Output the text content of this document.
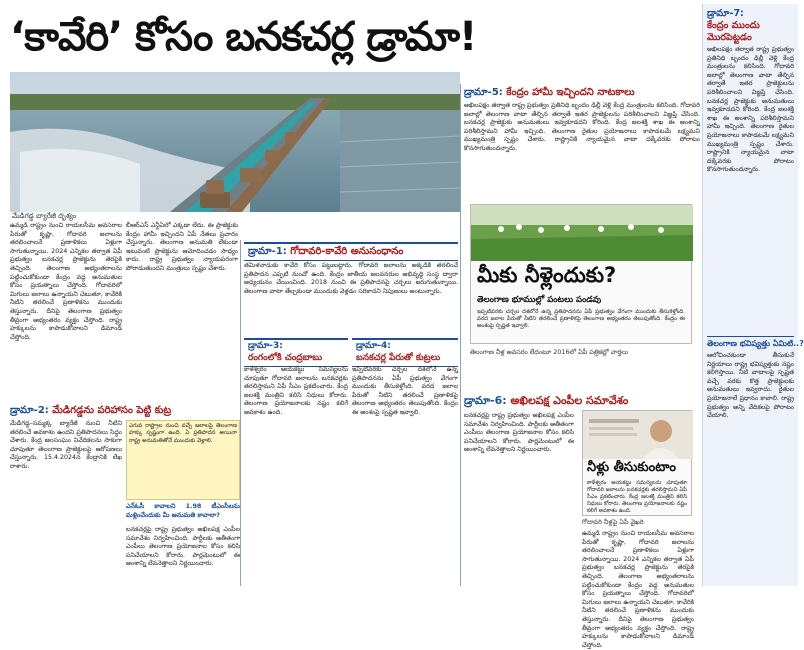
‘కావేరి’ కోసం బనకచర్ల డ్రామా!
మేడిగడ్డ బ్యారేజీ దృశ్యం
ఉమ్మడి రాష్ట్రం నుంచి రాయలసీమ అవసరాల పేరుతో కృష్ణా, గోదావరి జలాలను తరలించాలనే ప్రణాళికలు ఏళ్లుగా సాగుతున్నాయి. 2024 ఎన్నికల తర్వాత ఏపీ ప్రభుత్వం బనకచర్ల ప్రాజెక్టును తెరపైకి తెచ్చింది. తెలంగాణ అభ్యంతరాలను పట్టించుకోకుండా కేంద్రం వద్ద అనుమతుల కోసం ప్రయత్నాలు చేస్తోంది. గోదావరిలో మిగులు జలాలు ఉన్నాయని చెబుతూ, కావేరికి నీటిని తరలించే ప్రణాళికను ముందుకు తెస్తున్నారు. దీనిపై తెలంగాణ ప్రభుత్వం తీవ్రంగా అభ్యంతరం వ్యక్తం చేస్తోంది. రాష్ట్ర హక్కులను కాపాడుకోవాలని డిమాండ్ చేస్తోంది.
డ్రామా-2: మేడిగడ్డను పరిహాసం పెట్టి కుట్ర
మేడిగడ్డ–సమ్మక్క బ్యారేజీ నుంచి నీటిని తరలించే అవకాశం ఉందని ప్రతిపాదనలు సిద్ధం చేశారు. కేంద్ర జలసంఘం నివేదికలను సాకుగా చూపుతూ తెలంగాణ ప్రాజెక్టులపై ఆరోపణలు చేస్తున్నారు. 15.4.2024న కేంద్రానికి లేఖ రాశారు.
బీఆర్ఎస్ ఎన్డీఏలో ఎక్కడా లేదు. ఈ ప్రాజెక్టుకు కేంద్రం హామీ ఇచ్చిందని ఏపీ నేతలు ప్రచారం చేస్తున్నారు. తెలంగాణ అనుమతి లేకుండా ఇటువంటి ప్రాజెక్టును ఆమోదించడం సాధ్యం కాదు. రాష్ట్ర ప్రభుత్వం న్యాయపరంగా పోరాడుతుందని మంత్రులు స్పష్టం చేశారు.
ఎగువ రాష్ట్రాల నుంచి వచ్చే జలాలపై తెలంగాణ హక్కు స్పష్టంగా ఉంది. ఏ ప్రతిపాదన అయినా రాష్ట్ర అనుమతితోనే ముందుకు వెళ్లాలి.
ఎన్ఓసీ కావాలని 1.98 టీఎంసీలను మళ్లించేందుకు మీ అనుమతి కావాలా?
బనకచర్లపై రాష్ట్ర ప్రభుత్వం అఖిలపక్ష ఎంపీల సమావేశం నిర్వహించింది. పార్టీలకు అతీతంగా ఎంపీలు తెలంగాణ ప్రయోజనాల కోసం కలిసి పనిచేయాలని కోరారు. పార్లమెంటులో ఈ అంశాన్ని లేవనెత్తాలని నిర్ణయించారు.
డ్రామా-1: గోదావరి-కావేరి అనుసంధానం
తమిళనాడుకు కావేరి కోసం పట్టుబట్టారు. గోదావరి జలాలను అక్కడికి తరలించే ప్రతిపాదన ఎప్పటి నుంచో ఉంది. కేంద్రం జాతీయ జలవనరుల అభివృద్ధి సంస్థ ద్వారా అధ్యయనం చేయించింది. 2018 నుంచి ఈ ప్రతిపాదనపై చర్చలు జరుగుతున్నాయి. తెలంగాణ వాటా తేల్చకుండా ముందుకు వెళ్లడం సరికాదని నిపుణులు అంటున్నారు.
డ్రామా-3:
రంగంలోకి చంద్రబాబు
కాళేశ్వరం ఆయకట్టు సమస్యలను చూపుతూ గోదావరి జలాలను బనకచర్లకు తరలిస్తామని ఏపీ సీఎం ప్రకటించారు. కేంద్ర జలశక్తి మంత్రిని కలిసి నిధులు కోరారు. తెలంగాణ ప్రయోజనాలకు నష్టం కలిగే అవకాశం ఉంది.
డ్రామా-4:
బనకచర్ల పేరుతో కుట్రలు
ఇప్పటివరకు చర్చల దశలోనే ఉన్న ప్రతిపాదనను ఏపీ ప్రభుత్వం వేగంగా ముందుకు తీసుకెళ్తోంది. వరద జలాల పేరుతో నీటిని తరలించే ప్రణాళికపై తెలంగాణ అభ్యంతరం తెలుపుతోంది. కేంద్రం ఈ అంశంపై స్పష్టత ఇవ్వాలి.
డ్రామా-5: కేంద్రం హామీ ఇచ్చిందని నాటకాలు
అఖిలపక్షం తర్వాత రాష్ట్ర ప్రభుత్వం ప్రతినిధి బృందం ఢిల్లీ వెళ్లి కేంద్ర మంత్రులను కలిసింది. గోదావరి జలాల్లో తెలంగాణ వాటా తేల్చిన తర్వాతే ఇతర ప్రాజెక్టులను పరిశీలించాలని విజ్ఞప్తి చేసింది. బనకచర్ల ప్రాజెక్టుకు అనుమతులు ఇవ్వకూడదని కోరింది. కేంద్ర జలశక్తి శాఖ ఈ అంశాన్ని పరిశీలిస్తామని హామీ ఇచ్చింది. తెలంగాణ రైతుల ప్రయోజనాలు కాపాడటమే లక్ష్యమని ముఖ్యమంత్రి స్పష్టం చేశారు. రాష్ట్రానికి న్యాయమైన వాటా దక్కేవరకు పోరాటం కొనసాగుతుందన్నారు.
మీకు నీళ్లెందుకు?
తెలంగాణ భూముల్లో పంటలు పండవు
ఇప్పటివరకు చర్చల దశలోనే ఉన్న ప్రతిపాదనను ఏపీ ప్రభుత్వం వేగంగా ముందుకు తీసుకెళ్తోంది. వరద జలాల పేరుతో నీటిని తరలించే ప్రణాళికపై తెలంగాణ అభ్యంతరం తెలుపుతోంది. కేంద్రం ఈ అంశంపై స్పష్టత ఇవ్వాలి.
తెలంగాణ నీళ్ల అవసరం లేదంటూ 2016లో ఏపీ పత్రికల్లో వార్తలు
డ్రామా-6: అఖిలపక్ష ఎంపీల సమావేశం
బనకచర్లపై రాష్ట్ర ప్రభుత్వం అఖిలపక్ష ఎంపీల సమావేశం నిర్వహించింది. పార్టీలకు అతీతంగా ఎంపీలు తెలంగాణ ప్రయోజనాల కోసం కలిసి పనిచేయాలని కోరారు. పార్లమెంటులో ఈ అంశాన్ని లేవనెత్తాలని నిర్ణయించారు.
నీళ్లు తీసుకుంటాం
కాళేశ్వరం ఆయకట్టు సమస్యలను చూపుతూ గోదావరి జలాలను బనకచర్లకు తరలిస్తామని ఏపీ సీఎం ప్రకటించారు. కేంద్ర జలశక్తి మంత్రిని కలిసి నిధులు కోరారు. తెలంగాణ ప్రయోజనాలకు నష్టం కలిగే అవకాశం ఉంది.
గోదావరి నీళ్లపై ఏపీ వైఖరి
ఉమ్మడి రాష్ట్రం నుంచి రాయలసీమ అవసరాల పేరుతో కృష్ణా, గోదావరి జలాలను తరలించాలనే ప్రణాళికలు ఏళ్లుగా సాగుతున్నాయి. 2024 ఎన్నికల తర్వాత ఏపీ ప్రభుత్వం బనకచర్ల ప్రాజెక్టును తెరపైకి తెచ్చింది. తెలంగాణ అభ్యంతరాలను పట్టించుకోకుండా కేంద్రం వద్ద అనుమతుల కోసం ప్రయత్నాలు చేస్తోంది. గోదావరిలో మిగులు జలాలు ఉన్నాయని చెబుతూ, కావేరికి నీటిని తరలించే ప్రణాళికను ముందుకు తెస్తున్నారు. దీనిపై తెలంగాణ ప్రభుత్వం తీవ్రంగా అభ్యంతరం వ్యక్తం చేస్తోంది. రాష్ట్ర హక్కులను కాపాడుకోవాలని డిమాండ్ చేస్తోంది.
డ్రామా-7:
కేంద్రం ముందు మొరపెట్టడం
అఖిలపక్షం తర్వాత రాష్ట్ర ప్రభుత్వం ప్రతినిధి బృందం ఢిల్లీ వెళ్లి కేంద్ర మంత్రులను కలిసింది. గోదావరి జలాల్లో తెలంగాణ వాటా తేల్చిన తర్వాతే ఇతర ప్రాజెక్టులను పరిశీలించాలని విజ్ఞప్తి చేసింది. బనకచర్ల ప్రాజెక్టుకు అనుమతులు ఇవ్వకూడదని కోరింది. కేంద్ర జలశక్తి శాఖ ఈ అంశాన్ని పరిశీలిస్తామని హామీ ఇచ్చింది. తెలంగాణ రైతుల ప్రయోజనాలు కాపాడటమే లక్ష్యమని ముఖ్యమంత్రి స్పష్టం చేశారు. రాష్ట్రానికి న్యాయమైన వాటా దక్కేవరకు పోరాటం కొనసాగుతుందన్నారు.
తెలంగాణ భవిష్యత్తు ఏమిటి..?
ఆలోచించకుండా తీసుకునే నిర్ణయాలు రాష్ట్ర భవిష్యత్తుకు నష్టం కలిగిస్తాయి. నీటి వాటాలపై స్పష్టత వచ్చే వరకు కొత్త ప్రాజెక్టులకు అనుమతులు ఇవ్వరాదు. రైతుల ప్రయోజనాలే ప్రధానం కావాలి. రాష్ట్ర ప్రభుత్వం అన్ని వేదికలపై పోరాటం చేయాలి.
